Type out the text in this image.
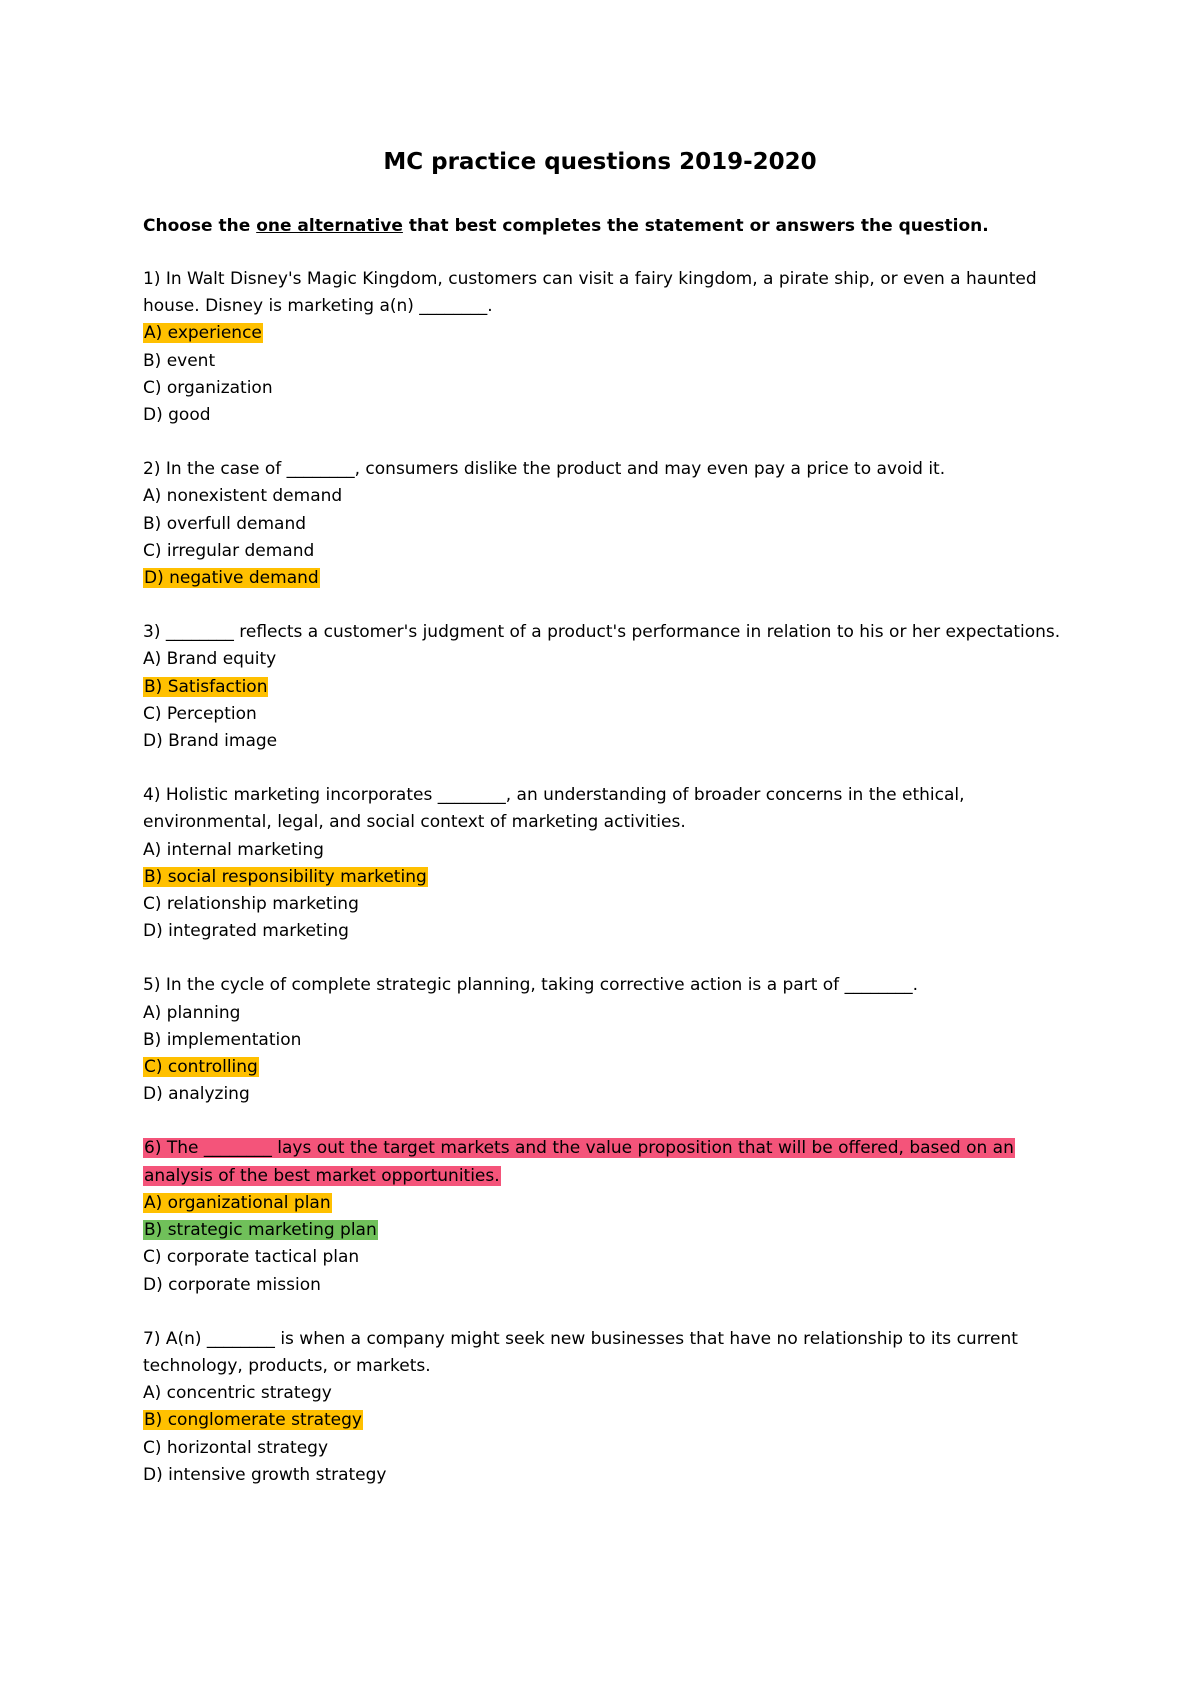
MC practice questions 2019-2020
Choose the one alternative that best completes the statement or answers the question.
1) In Walt Disney's Magic Kingdom, customers can visit a fairy kingdom, a pirate ship, or even a haunted house. Disney is marketing a(n) ________.
A) experience
B) event
C) organization
D) good
2) In the case of ________, consumers dislike the product and may even pay a price to avoid it.
A) nonexistent demand
B) overfull demand
C) irregular demand
D) negative demand
3) ________ reflects a customer's judgment of a product's performance in relation to his or her expectations.
A) Brand equity
B) Satisfaction
C) Perception
D) Brand image
4) Holistic marketing incorporates ________, an understanding of broader concerns in the ethical, environmental, legal, and social context of marketing activities.
A) internal marketing
B) social responsibility marketing
C) relationship marketing
D) integrated marketing
5) In the cycle of complete strategic planning, taking corrective action is a part of ________.
A) planning
B) implementation
C) controlling
D) analyzing
6) The ________ lays out the target markets and the value proposition that will be offered, based on an analysis of the best market opportunities.
A) organizational plan
B) strategic marketing plan
C) corporate tactical plan
D) corporate mission
7) A(n) ________ is when a company might seek new businesses that have no relationship to its current technology, products, or markets.
A) concentric strategy
B) conglomerate strategy
C) horizontal strategy
D) intensive growth strategy
